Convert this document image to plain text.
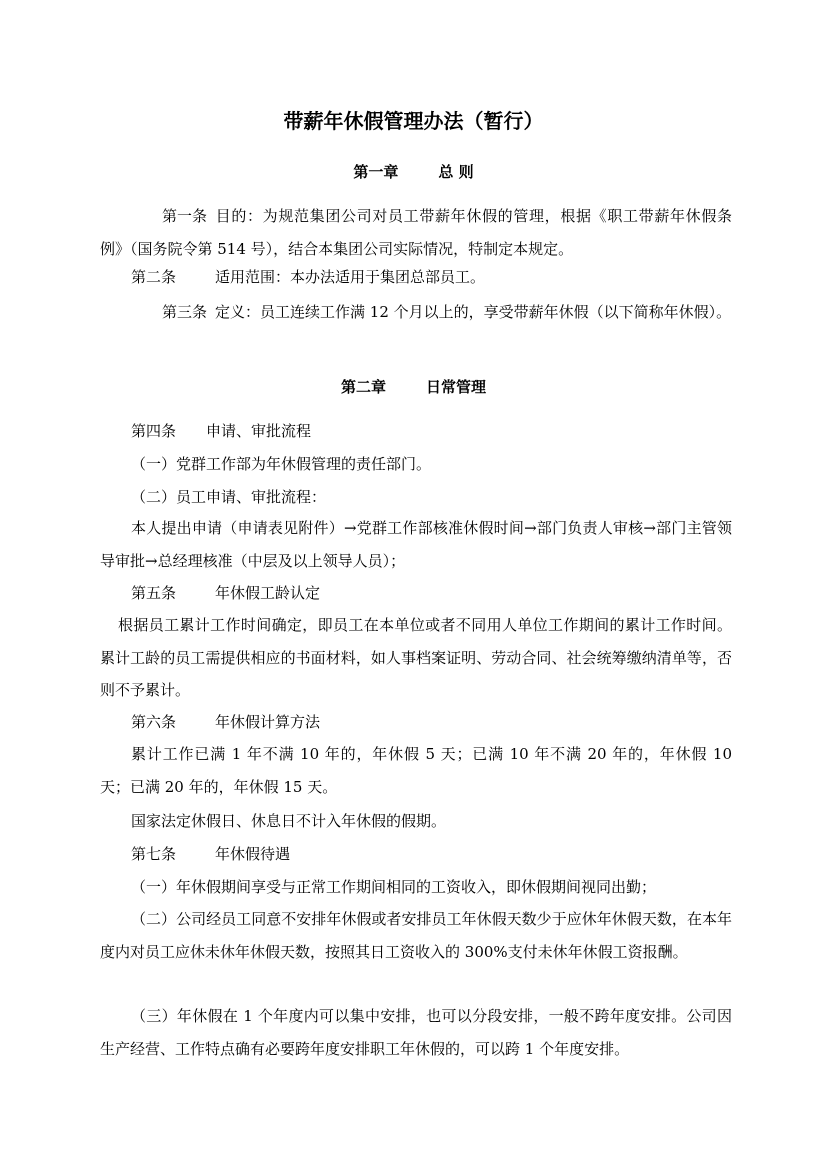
带薪年休假管理办法（暂行）
第一章	总 则

第一条 目的：为规范集团公司对员工带薪年休假的管理，根据《职工带薪年休假条例》（国务院令第 514 号），结合本集团公司实际情况，特制定本规定。

第二条	适用范围：本办法适用于集团总部员工。

第三条 定义：员工连续工作满 12 个月以上的，享受带薪年休假（以下简称年休假）。

第二章	日常管理

第四条 申请、审批流程

（一）党群工作部为年休假管理的责任部门。

（二）员工申请、审批流程：

本人提出申请（申请表见附件）→党群工作部核准休假时间→部门负责人审核→部门主管领导审批→总经理核准（中层及以上领导人员）；

第五条	年休假工龄认定

根据员工累计工作时间确定，即员工在本单位或者不同用人单位工作期间的累计工作时间。累计工龄的员工需提供相应的书面材料，如人事档案证明、劳动合同、社会统筹缴纳清单等，否则不予累计。

第六条	年休假计算方法

累计工作已满 1 年不满 10 年的，年休假 5 天；已满 10 年不满 20 年的，年休假 10 天；已满 20 年的，年休假 15 天。

国家法定休假日、休息日不计入年休假的假期。

第七条	年休假待遇

（一）年休假期间享受与正常工作期间相同的工资收入，即休假期间视同出勤；

（二）公司经员工同意不安排年休假或者安排员工年休假天数少于应休年休假天数，在本年度内对员工应休未休年休假天数，按照其日工资收入的 300%支付未休年休假工资报酬。

（三）年休假在 1 个年度内可以集中安排，也可以分段安排，一般不跨年度安排。公司因生产经营、工作特点确有必要跨年度安排职工年休假的，可以跨 1 个年度安排。
